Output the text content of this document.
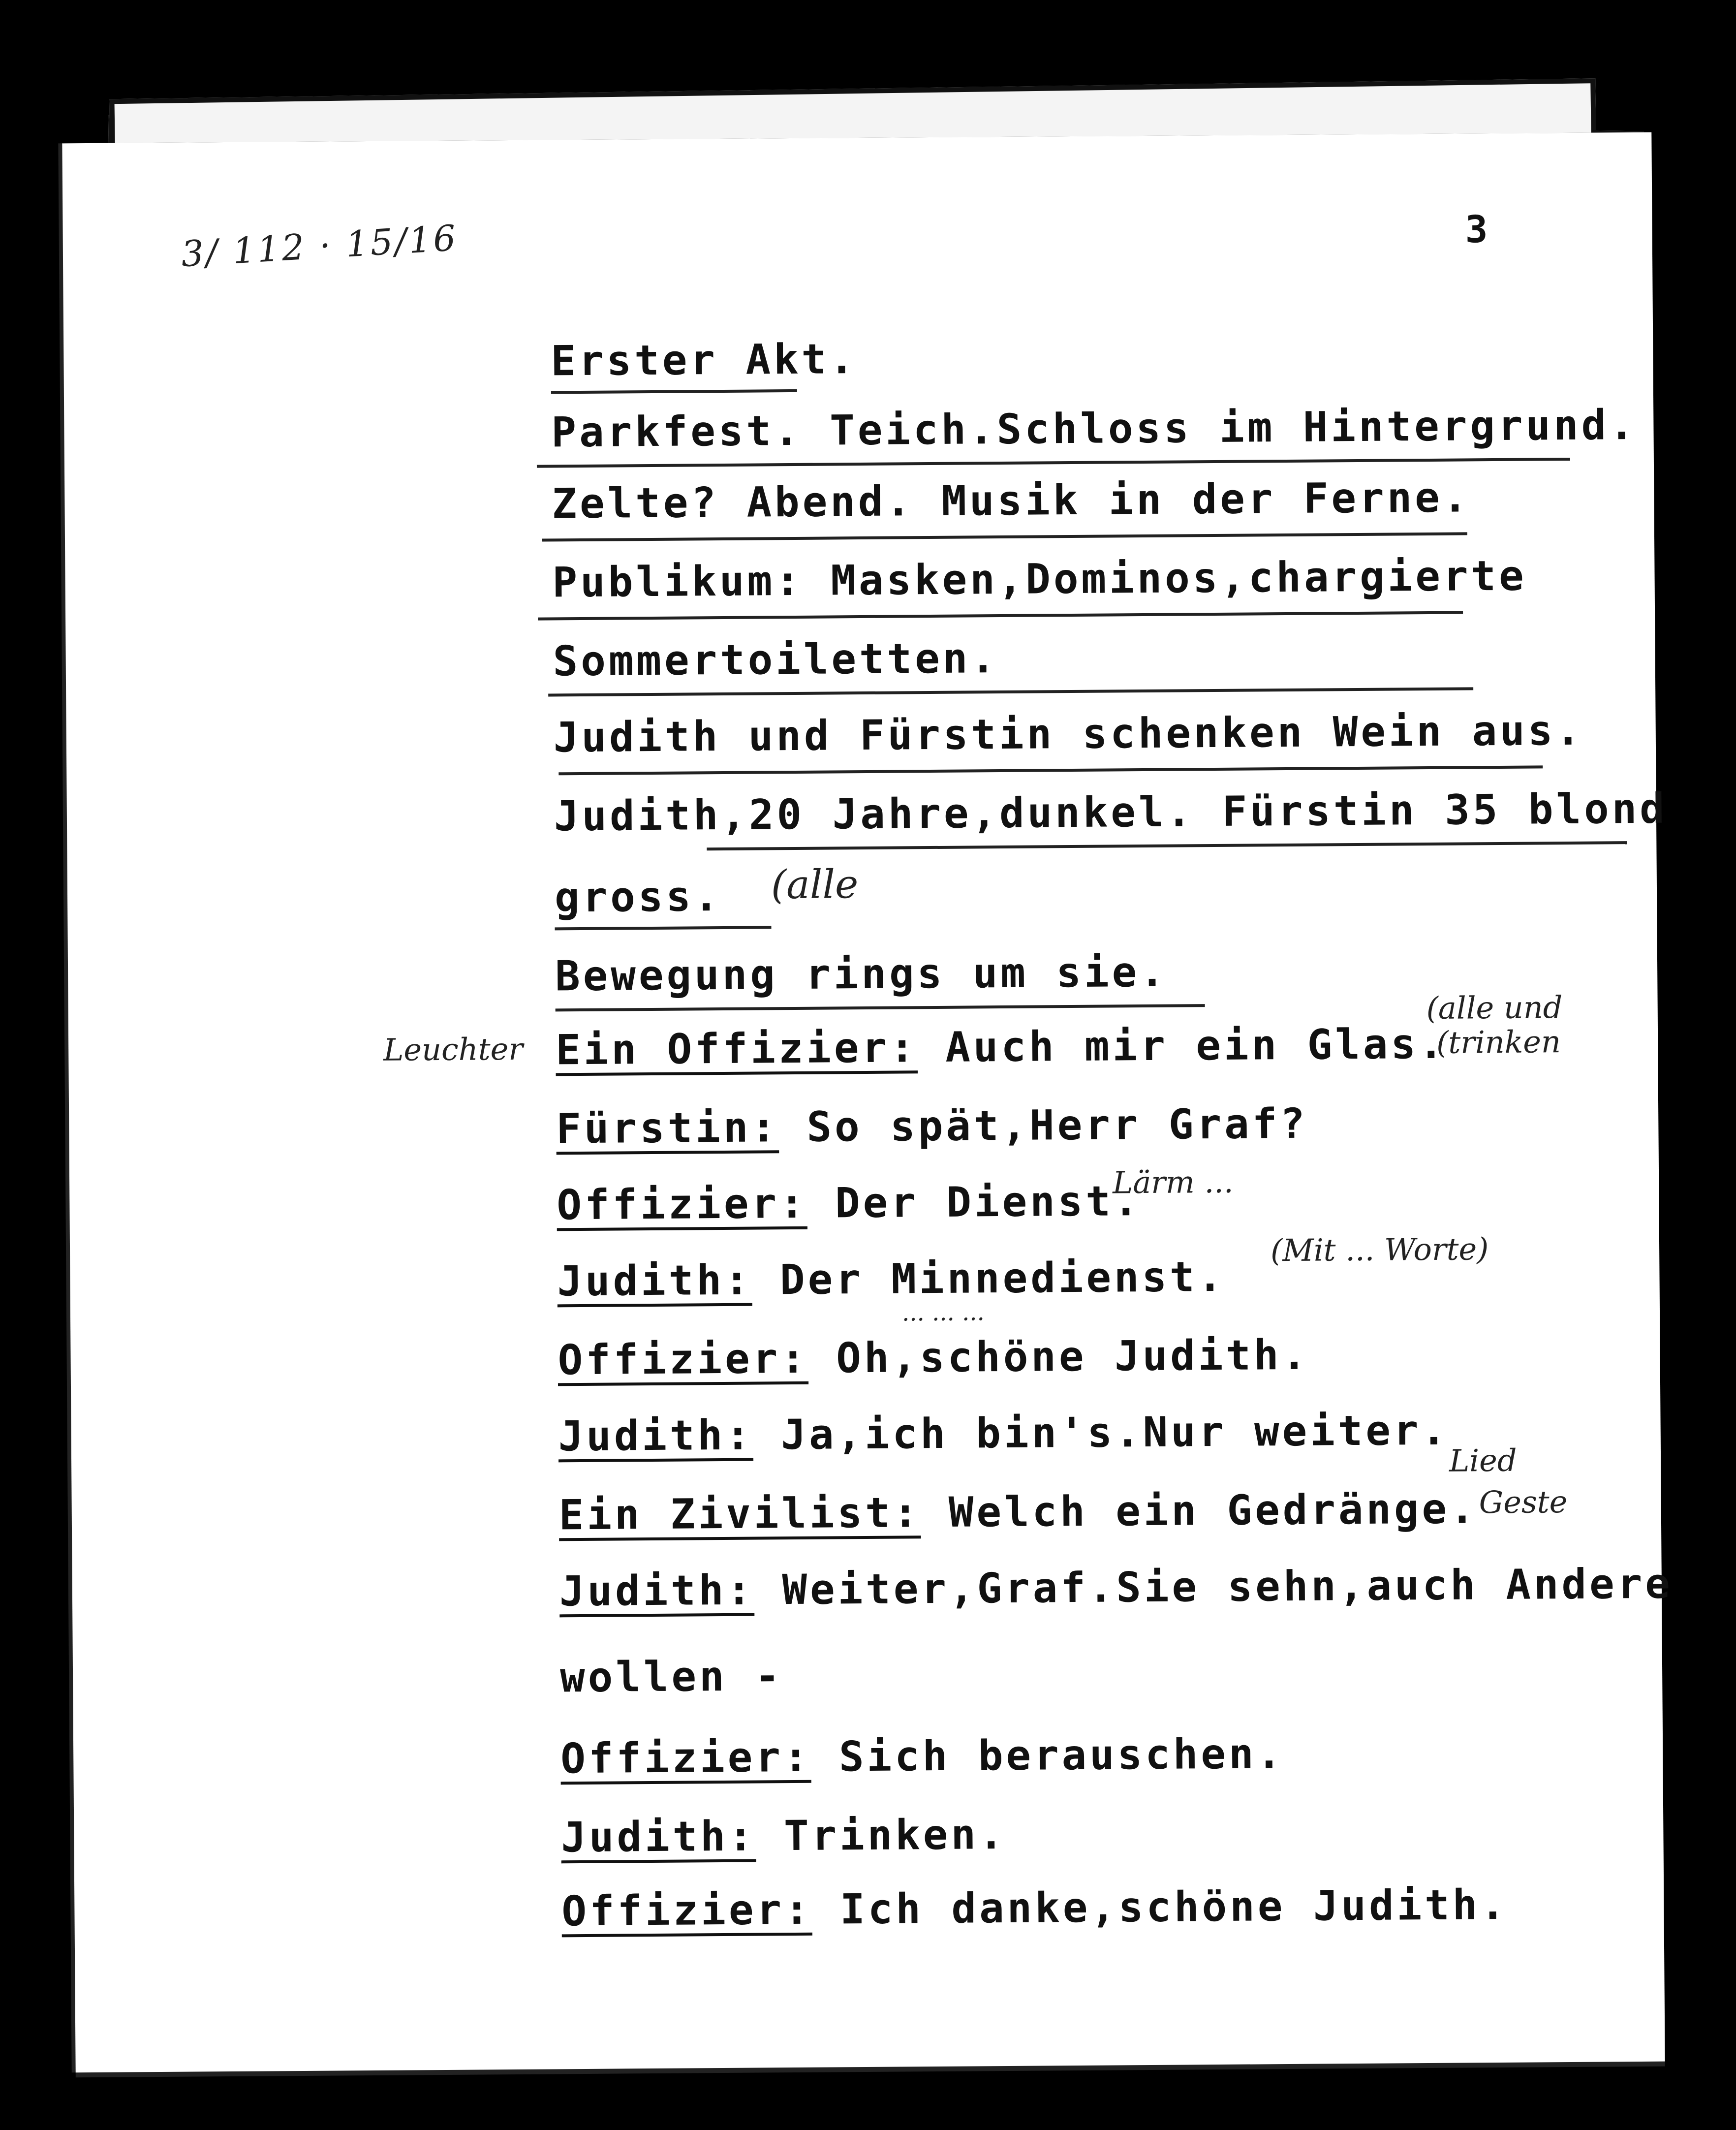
3/ 112 · 15/16	3
Erster Akt.
Parkfest. Teich.Schloss im Hintergrund.
Zelte? Abend. Musik in der Ferne.
Publikum: Masken,Dominos,chargierte
Sommertoiletten.
Judith und Fürstin schenken Wein aus.
Judith,20 Jahre,dunkel. Fürstin 35 blond
gross. (alle
Bewegung rings um sie.
Ein Offizier: Auch mir ein Glas.
Leuchter
(alle und
(trinken
Fürstin: So spät,Herr Graf?
Offizier: Der Dienst.
Lärm ...
Judith: Der Minnedienst.
(Mit ... Worte)
Offizier: Oh,schöne Judith.
... ... ...
Judith: Ja,ich bin's.Nur weiter.
Ein Zivilist: Welch ein Gedränge.
Lied
Geste
Judith: Weiter,Graf.Sie sehn,auch Andere
wollen -
Offizier: Sich berauschen.
Judith: Trinken.
Offizier: Ich danke,schöne Judith.
